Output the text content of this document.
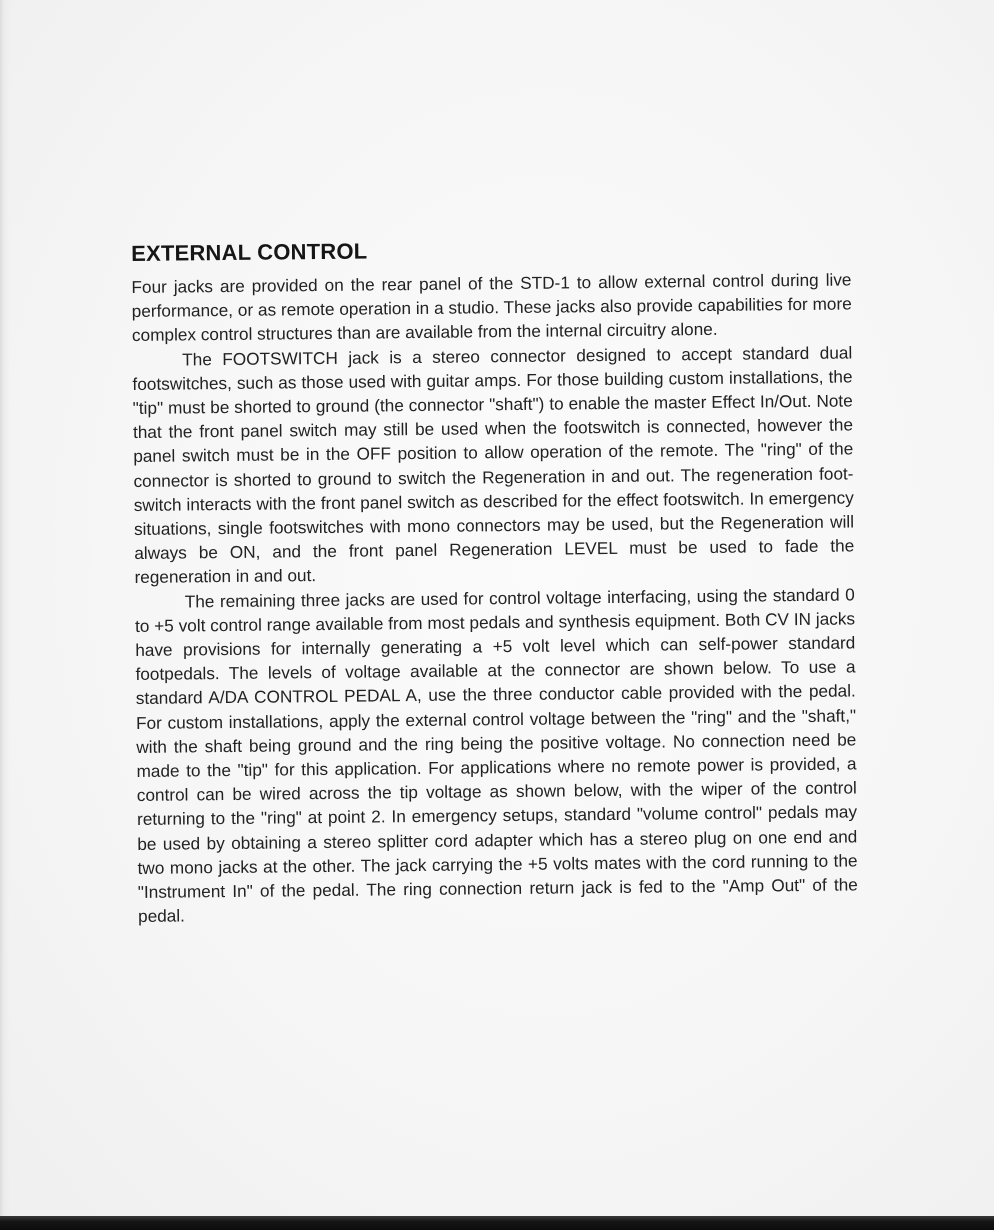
EXTERNAL CONTROL

Four jacks are provided on the rear panel of the STD-1 to allow external control during live performance, or as remote operation in a studio. These jacks also provide capabilities for more complex control structures than are available from the internal circuitry alone.

The FOOTSWITCH jack is a stereo connector designed to accept standard dual footswitches, such as those used with guitar amps. For those building custom installations, the "tip" must be shorted to ground (the connector "shaft") to enable the master Effect In/Out. Note that the front panel switch may still be used when the footswitch is connected, however the panel switch must be in the OFF position to allow operation of the remote. The "ring" of the connector is shorted to ground to switch the Regeneration in and out. The regeneration foot-switch interacts with the front panel switch as described for the effect footswitch. In emergency situations, single footswitches with mono connectors may be used, but the Regeneration will always be ON, and the front panel Regeneration LEVEL must be used to fade the regeneration in and out.

The remaining three jacks are used for control voltage interfacing, using the standard 0 to +5 volt control range available from most pedals and synthesis equipment. Both CV IN jacks have provisions for internally generating a +5 volt level which can self-power standard footpedals. The levels of voltage available at the connector are shown below. To use a standard A/DA CONTROL PEDAL A, use the three conductor cable provided with the pedal. For custom installations, apply the external control voltage between the "ring" and the "shaft," with the shaft being ground and the ring being the positive voltage. No connection need be made to the "tip" for this application. For applications where no remote power is provided, a control can be wired across the tip voltage as shown below, with the wiper of the control returning to the "ring" at point 2. In emergency setups, standard "volume control" pedals may be used by obtaining a stereo splitter cord adapter which has a stereo plug on one end and two mono jacks at the other. The jack carrying the +5 volts mates with the cord running to the "Instrument In" of the pedal. The ring connection return jack is fed to the "Amp Out" of the pedal.
